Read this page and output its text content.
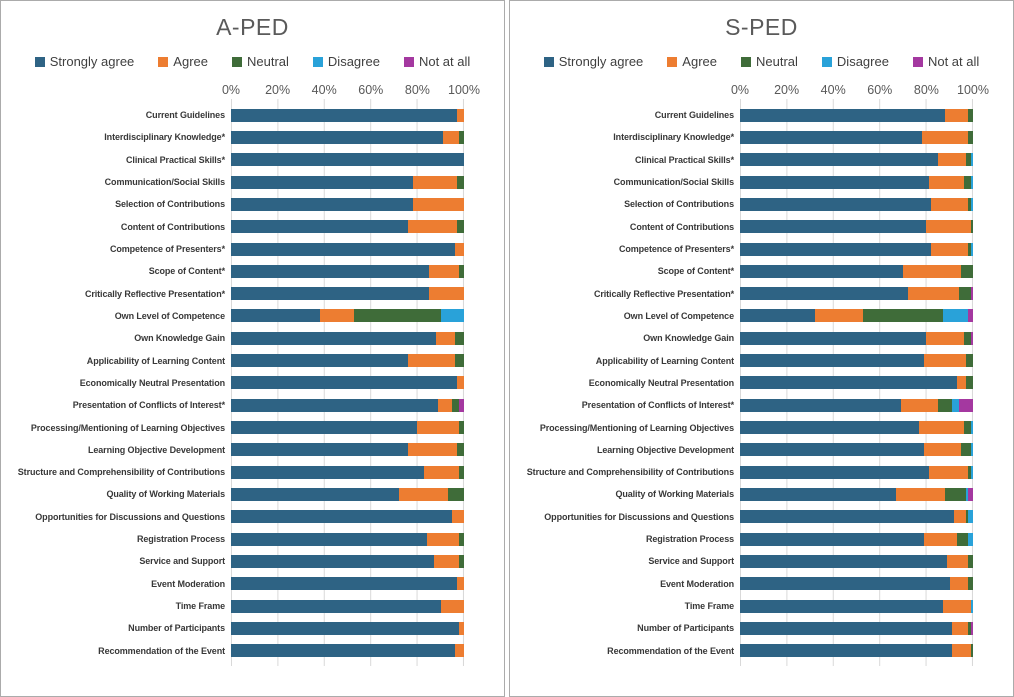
A-PED
Strongly agree	Agree	Neutral	Disagree	Not at all
0% 20% 40% 60% 80% 100%
Current Guidelines
Interdisciplinary Knowledge*
Clinical Practical Skills*
Communication/Social Skills
Selection of Contributions
Content of Contributions
Competence of Presenters*
Scope of Content*
Critically Reflective Presentation*
Own Level of Competence
Own Knowledge Gain
Applicability of Learning Content
Economically Neutral Presentation
Presentation of Conflicts of Interest*
Processing/Mentioning of Learning Objectives
Learning Objective Development
Structure and Comprehensibility of Contributions
Quality of Working Materials
Opportunities for Discussions and Questions
Registration Process
Service and Support
Event Moderation
Time Frame
Number of Participants
Recommendation of the Event
S-PED
Strongly agree	Agree	Neutral	Disagree	Not at all
0% 20% 40% 60% 80% 100%
Current Guidelines
Interdisciplinary Knowledge*
Clinical Practical Skills*
Communication/Social Skills
Selection of Contributions
Content of Contributions
Competence of Presenters*
Scope of Content*
Critically Reflective Presentation*
Own Level of Competence
Own Knowledge Gain
Applicability of Learning Content
Economically Neutral Presentation
Presentation of Conflicts of Interest*
Processing/Mentioning of Learning Objectives
Learning Objective Development
Structure and Comprehensibility of Contributions
Quality of Working Materials
Opportunities for Discussions and Questions
Registration Process
Service and Support
Event Moderation
Time Frame
Number of Participants
Recommendation of the Event
